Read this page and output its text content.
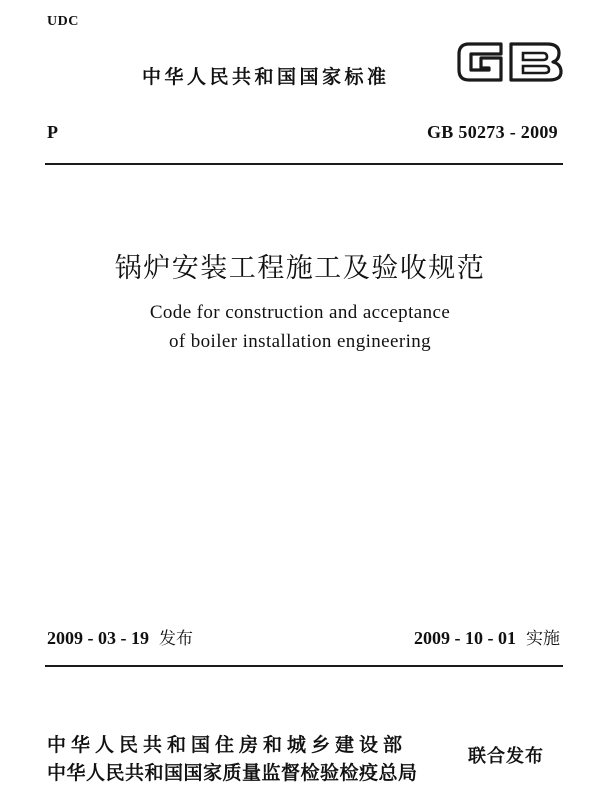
UDC
中华人民共和国国家标准
P	GB 50273 - 2009
锅炉安装工程施工及验收规范
Code for construction and acceptance
of boiler installation engineering
2009 - 03 - 19 发布	2009 - 10 - 01 实施
中华人民共和国住房和城乡建设部
中华人民共和国国家质量监督检验检疫总局
联合发布
